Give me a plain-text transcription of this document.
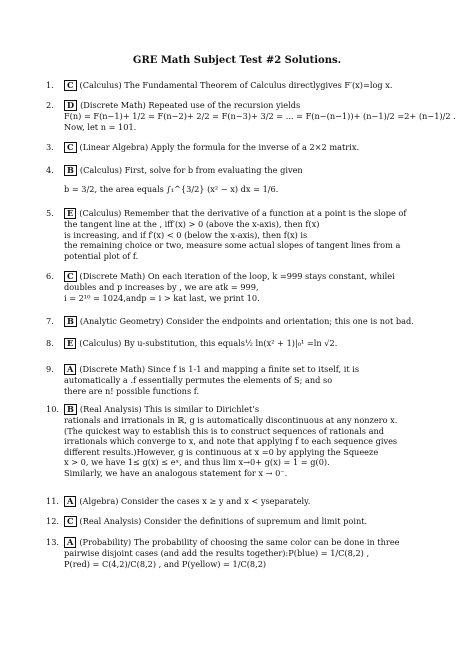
GRE Math Subject Test #2 Solutions.
1. C (Calculus) The Fundamental Theorem of Calculus directlygives F′(x)=log x.
2. D (Discrete Math) Repeated use of the recursion yields
F(n) = F(n−1)+ 1/2 = F(n−2)+ 2/2 = F(n−3)+ 3/2 = ... = F(n−(n−1))+ (n−1)/2 =2+ (n−1)/2 .
Now, let n = 101.
3. C (Linear Algebra) Apply the formula for the inverse of a 2×2 matrix.
4. B (Calculus) First, solve for b from evaluating the given
b = 3/2, the area equals ∫₁^{3/2} (x² − x) dx = 1/6.
5. E (Calculus) Remember that the derivative of a function at a point is the slope of
the tangent line at the , iff′(x) > 0 (above the x-axis), then f(x)
is increasing, and if f′(x) < 0 (below the x-axis), then f(x) is
the remaining choice or two, measure some actual slopes of tangent lines from a
potential plot of f.
6. C (Discrete Math) On each iteration of the loop, k =999 stays constant, whilei
doubles and p increases by , we are atk = 999,
i = 2¹⁰ = 1024,andp = i > kat last, we print 10.
7. B (Analytic Geometry) Consider the endpoints and orientation; this one is not bad.
8. E (Calculus) By u-substitution, this equals½ ln(x² + 1)|₀¹ =ln √2.
9. A (Discrete Math) Since f is 1-1 and mapping a finite set to itself, it is
automatically a .f essentially permutes the elements of S; and so
there are n! possible functions f.
10. B (Real Analysis) This is similar to Dirichlet’s
rationals and irrationals in ℝ, g is automatically discontinuous at any nonzero x.
(The quickest way to establish this is to construct sequences of rationals and
irrationals which converge to x, and note that applying f to each sequence gives
different results.)However, g is continuous at x =0 by applying the Squeeze
x > 0, we have 1≤ g(x) ≤ eˣ, and thus lim x→0+ g(x) = 1 = g(0).
Similarly, we have an analogous statement for x → 0⁻.
11. A (Algebra) Consider the cases x ≥ y and x < yseparately.
12. C (Real Analysis) Consider the definitions of supremum and limit point.
13. A (Probability) The probability of choosing the same color can be done in three
pairwise disjoint cases (and add the results together):P(blue) = 1/C(8,2) ,
P(red) = C(4,2)/C(8,2) , and P(yellow) = 1/C(8,2)
